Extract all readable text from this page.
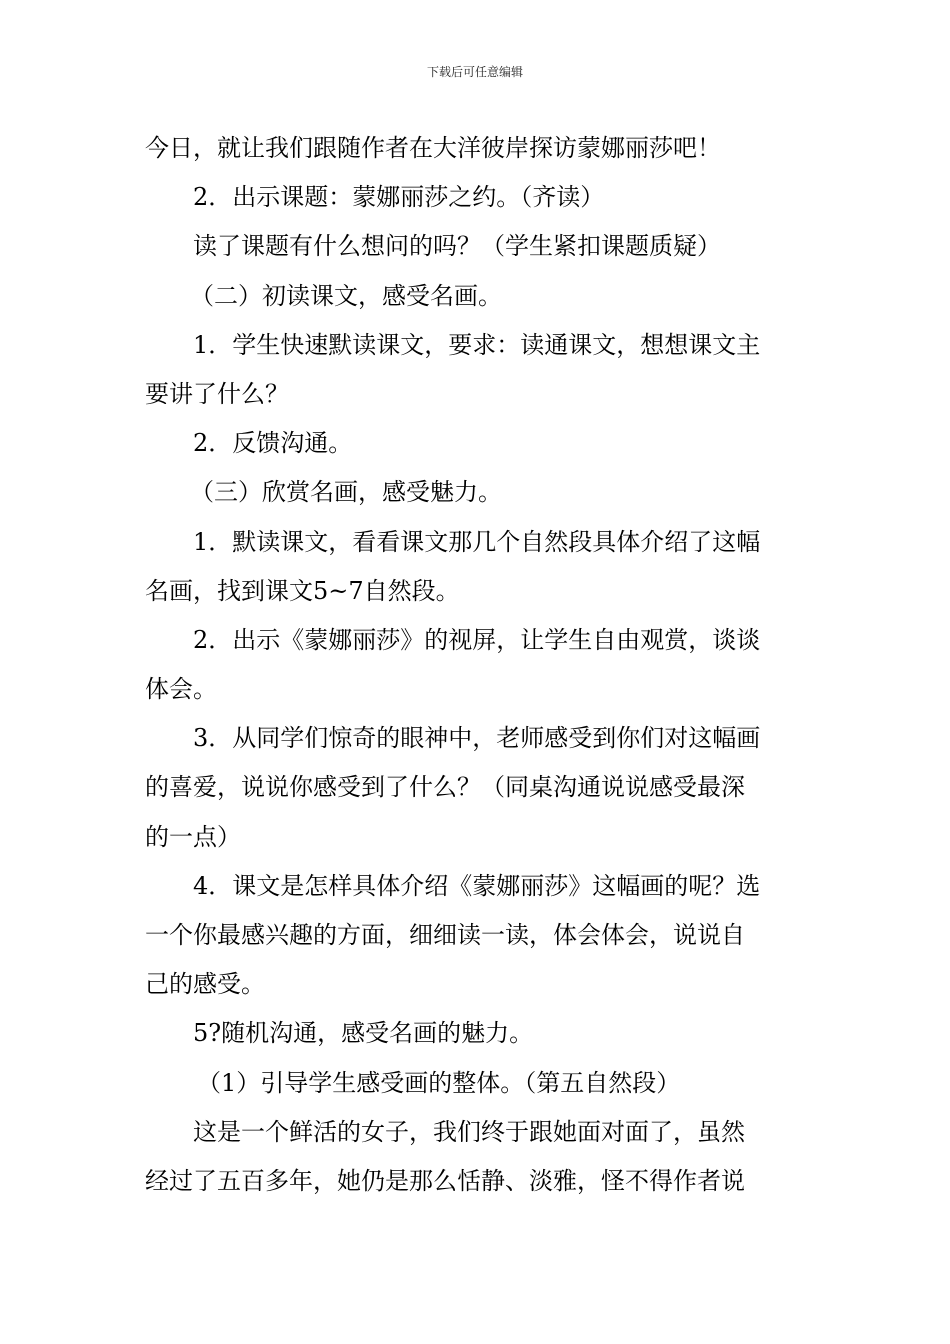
下载后可任意编辑
今日，就让我们跟随作者在大洋彼岸探访蒙娜丽莎吧！
2．出示课题：蒙娜丽莎之约。（齐读）
读了课题有什么想问的吗？（学生紧扣课题质疑）
（二）初读课文，感受名画。
1．学生快速默读课文，要求：读通课文，想想课文主
要讲了什么？
2．反馈沟通。
（三）欣赏名画，感受魅力。
1．默读课文，看看课文那几个自然段具体介绍了这幅
名画，找到课文5~7自然段。
2．出示《蒙娜丽莎》的视屏，让学生自由观赏，谈谈
体会。
3．从同学们惊奇的眼神中，老师感受到你们对这幅画
的喜爱，说说你感受到了什么？（同桌沟通说说感受最深
的一点）
4．课文是怎样具体介绍《蒙娜丽莎》这幅画的呢？选
一个你最感兴趣的方面，细细读一读，体会体会，说说自
己的感受。
5?随机沟通，感受名画的魅力。
（1）引导学生感受画的整体。（第五自然段）
这是一个鲜活的女子，我们终于跟她面对面了，虽然
经过了五百多年，她仍是那么恬静、淡雅，怪不得作者说
